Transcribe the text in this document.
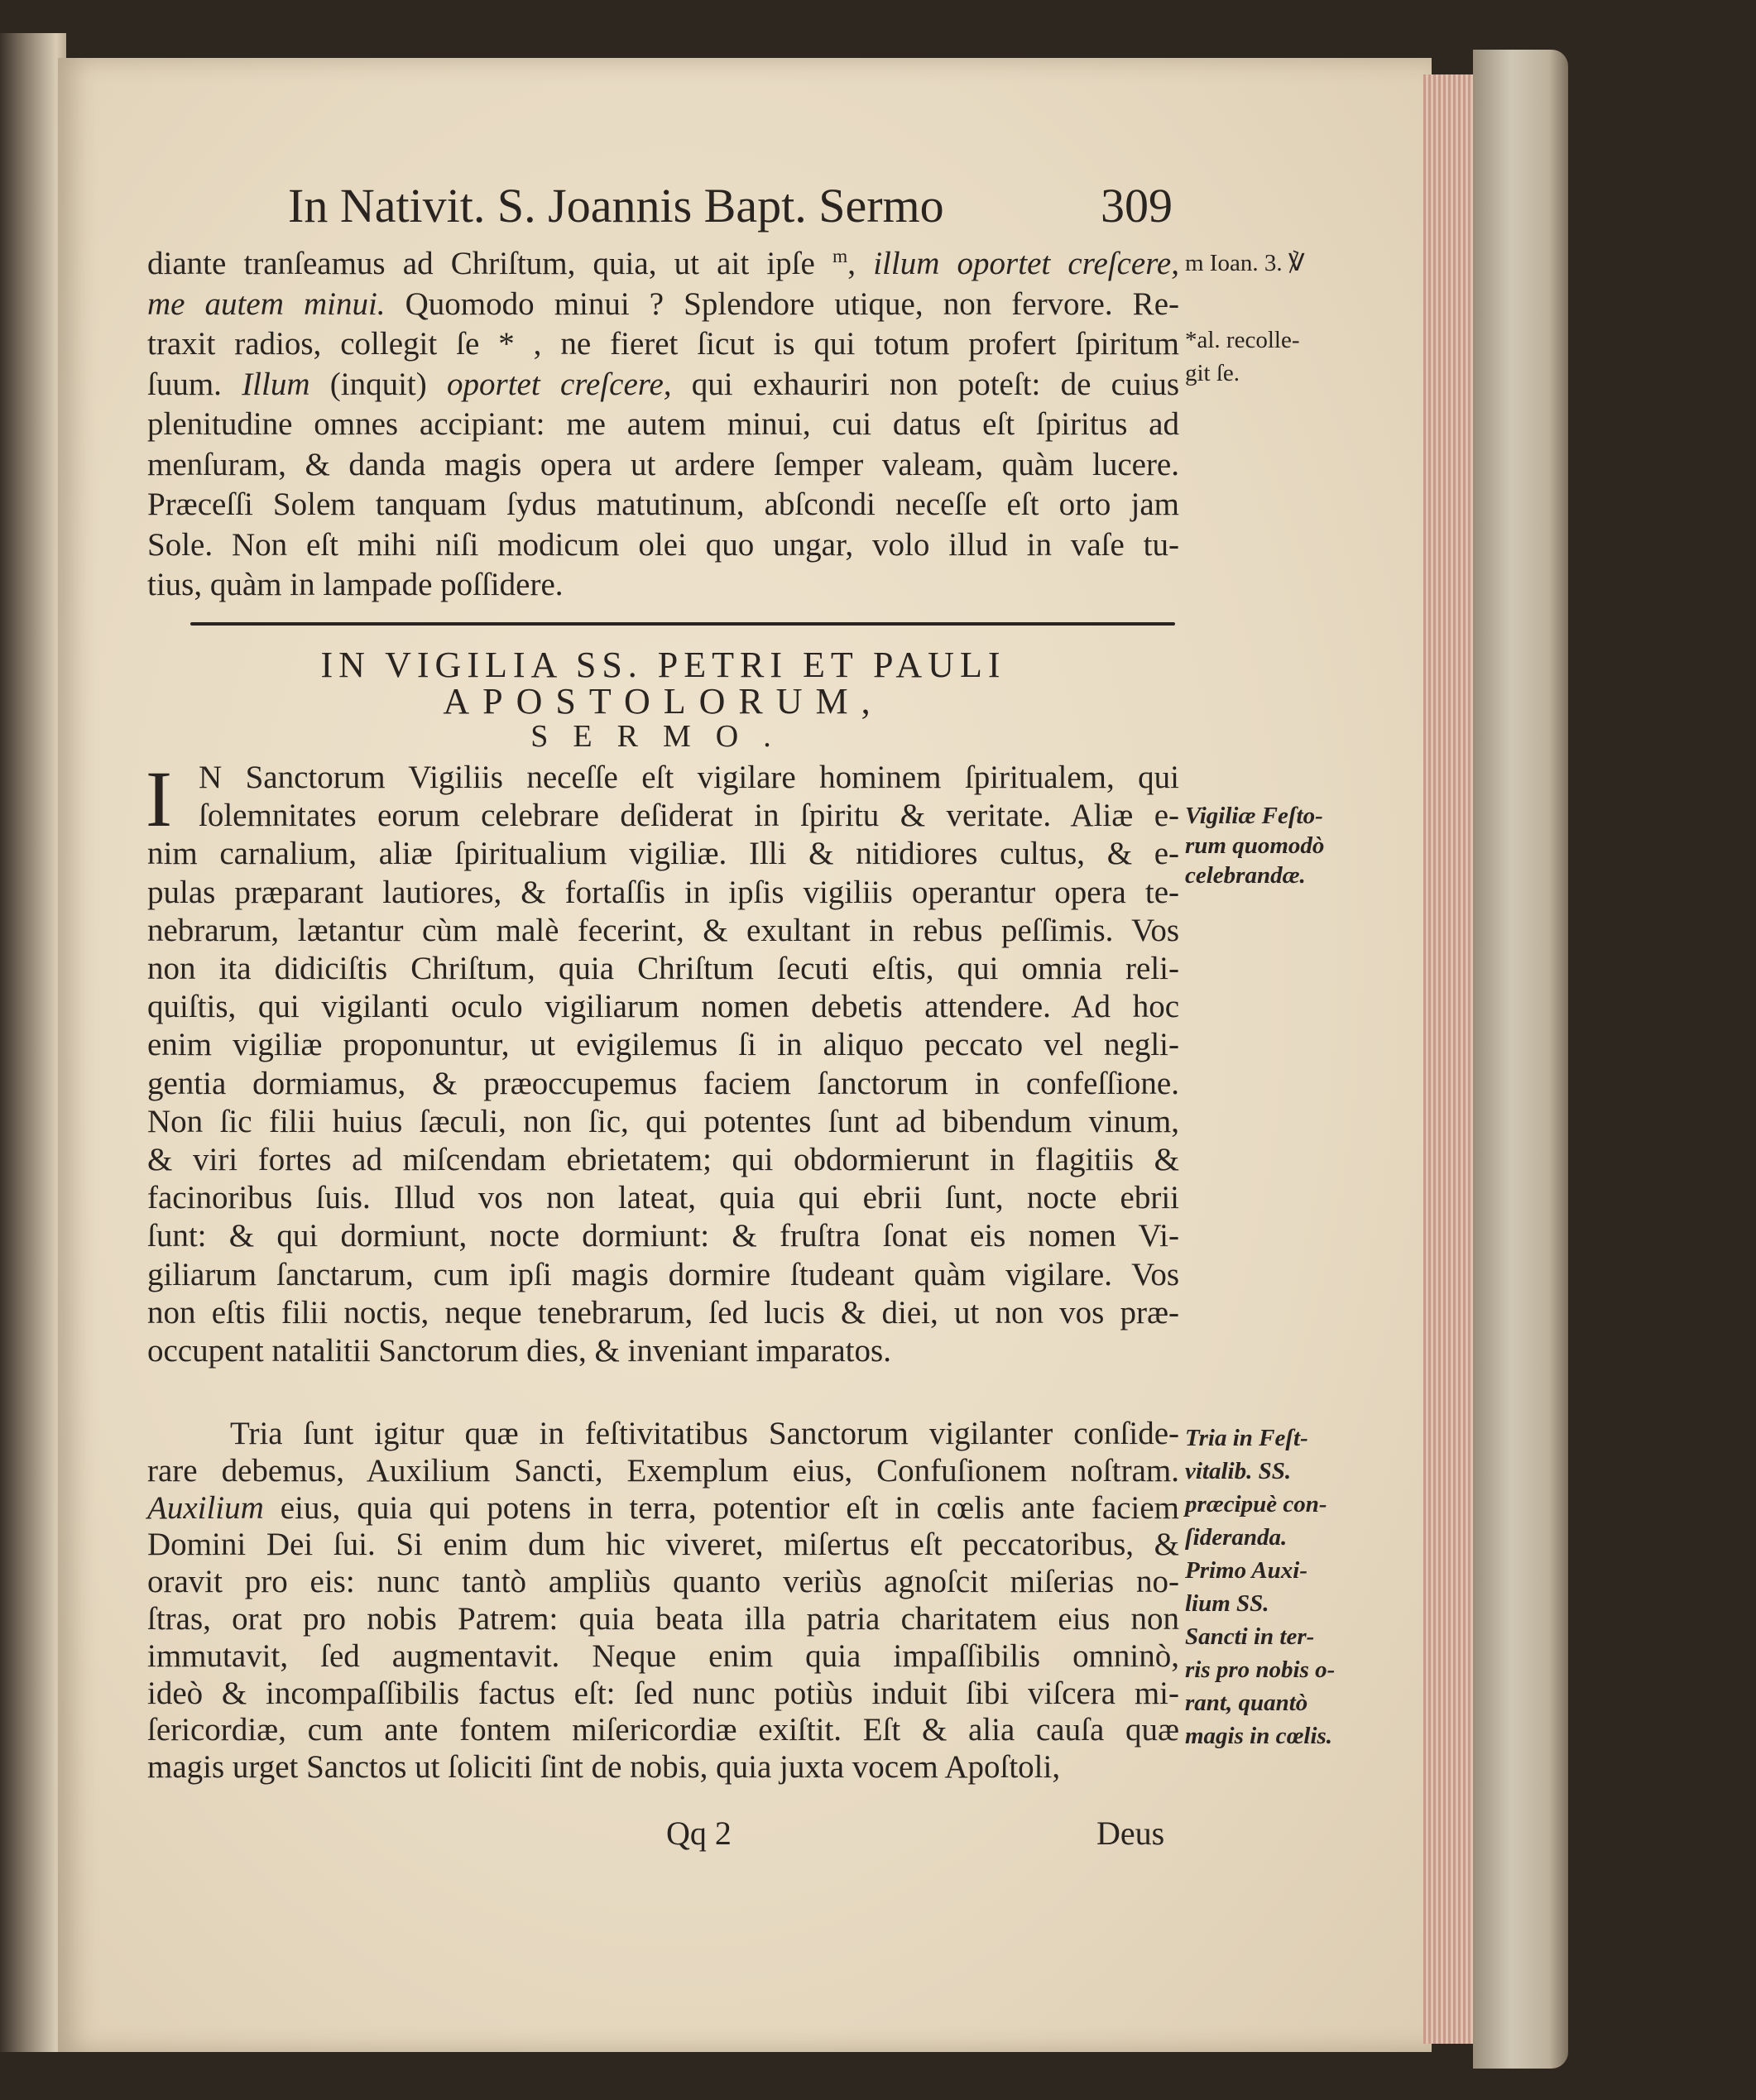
In Nativit. S. Joannis Bapt. Sermo	309
diante tranſeamus ad Chriſtum, quia, ut ait ipſe $^m$, illum oportet creſcere,
me autem minui. Quomodo minui ? Splendore utique, non fervore. Re-
traxit radios, collegit ſe * , ne fieret ſicut is qui totum profert ſpiritum
ſuum. Illum (inquit) oportet creſcere, qui exhauriri non poteſt: de cuius
plenitudine omnes accipiant: me autem minui, cui datus eſt ſpiritus ad
menſuram, & danda magis opera ut ardere ſemper valeam, quàm lucere.
Præceſſi Solem tanquam ſydus matutinum, abſcondi neceſſe eſt orto jam
Sole. Non eſt mihi niſi modicum olei quo ungar, volo illud in vaſe tu-
tius, quàm in lampade poſſidere.
m Ioan. 3. ℣
*al. recolle-
git ſe.
IN VIGILIA SS. PETRI ET PAULI
APOSTOLORUM,
SERMO.
I N Sanctorum Vigiliis neceſſe eſt vigilare hominem ſpiritualem, qui
ſolemnitates eorum celebrare deſiderat in ſpiritu & veritate. Aliæ e-
nim carnalium, aliæ ſpiritualium vigiliæ. Illi & nitidiores cultus, & e-
pulas præparant lautiores, & fortaſſis in ipſis vigiliis operantur opera te-
nebrarum, lætantur cùm malè fecerint, & exultant in rebus peſſimis. Vos
non ita didiciſtis Chriſtum, quia Chriſtum ſecuti eſtis, qui omnia reli-
quiſtis, qui vigilanti oculo vigiliarum nomen debetis attendere. Ad hoc
enim vigiliæ proponuntur, ut evigilemus ſi in aliquo peccato vel negli-
gentia dormiamus, & præoccupemus faciem ſanctorum in confeſſione.
Non ſic filii huius ſæculi, non ſic, qui potentes ſunt ad bibendum vinum,
& viri fortes ad miſcendam ebrietatem; qui obdormierunt in flagitiis &
facinoribus ſuis. Illud vos non lateat, quia qui ebrii ſunt, nocte ebrii
ſunt: & qui dormiunt, nocte dormiunt: & fruſtra ſonat eis nomen Vi-
giliarum ſanctarum, cum ipſi magis dormire ſtudeant quàm vigilare. Vos
non eſtis filii noctis, neque tenebrarum, ſed lucis & diei, ut non vos præ-
occupent natalitii Sanctorum dies, & inveniant imparatos.
Vigiliæ Feſto-
rum quomodò
celebrandæ.
Tria ſunt igitur quæ in feſtivitatibus Sanctorum vigilanter conſide-
rare debemus, Auxilium Sancti, Exemplum eius, Confuſionem noſtram.
Auxilium eius, quia qui potens in terra, potentior eſt in cœlis ante faciem
Domini Dei ſui. Si enim dum hic viveret, miſertus eſt peccatoribus, &
oravit pro eis: nunc tantò ampliùs quanto veriùs agnoſcit miſerias no-
ſtras, orat pro nobis Patrem: quia beata illa patria charitatem eius non
immutavit, ſed augmentavit. Neque enim quia impaſſibilis omninò,
ideò & incompaſſibilis factus eſt: ſed nunc potiùs induit ſibi viſcera mi-
ſericordiæ, cum ante fontem miſericordiæ exiſtit. Eſt & alia cauſa quæ
magis urget Sanctos ut ſoliciti ſint de nobis, quia juxta vocem Apoſtoli,
Tria in Feſt-
vitalib. SS.
præcipuè con-
ſideranda.
Primo Auxi-
lium SS.
Sancti in ter-
ris pro nobis o-
rant, quantò
magis in cœlis.
Qq 2	Deus
